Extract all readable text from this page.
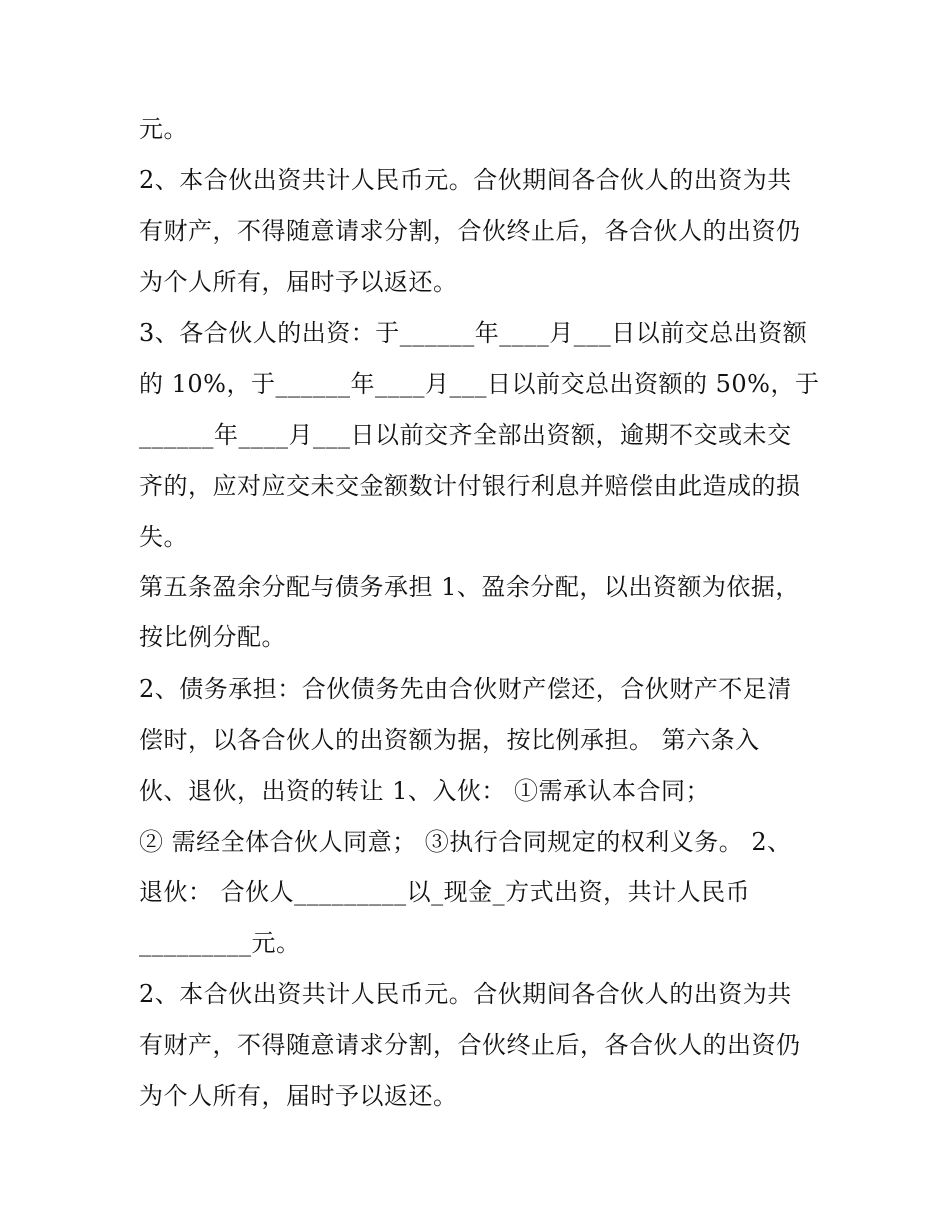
元。
2、本合伙出资共计人民币元。合伙期间各合伙人的出资为共
有财产，不得随意请求分割，合伙终止后，各合伙人的出资仍
为个人所有，届时予以返还。
3、各合伙人的出资：于______年____月___日以前交总出资额
的 10%，于______年____月___日以前交总出资额的 50%，于
______年____月___日以前交齐全部出资额，逾期不交或未交
齐的，应对应交未交金额数计付银行利息并赔偿由此造成的损
失。
第五条盈余分配与债务承担 1、盈余分配，以出资额为依据，
按比例分配。
2、债务承担：合伙债务先由合伙财产偿还，合伙财产不足清
偿时，以各合伙人的出资额为据，按比例承担。 第六条入
伙、退伙，出资的转让 1、入伙： ①需承认本合同；
② 需经全体合伙人同意； ③执行合同规定的权利义务。 2、
退伙： 合伙人_________以_现金_方式出资，共计人民币
_________元。
2、本合伙出资共计人民币元。合伙期间各合伙人的出资为共
有财产，不得随意请求分割，合伙终止后，各合伙人的出资仍
为个人所有，届时予以返还。
